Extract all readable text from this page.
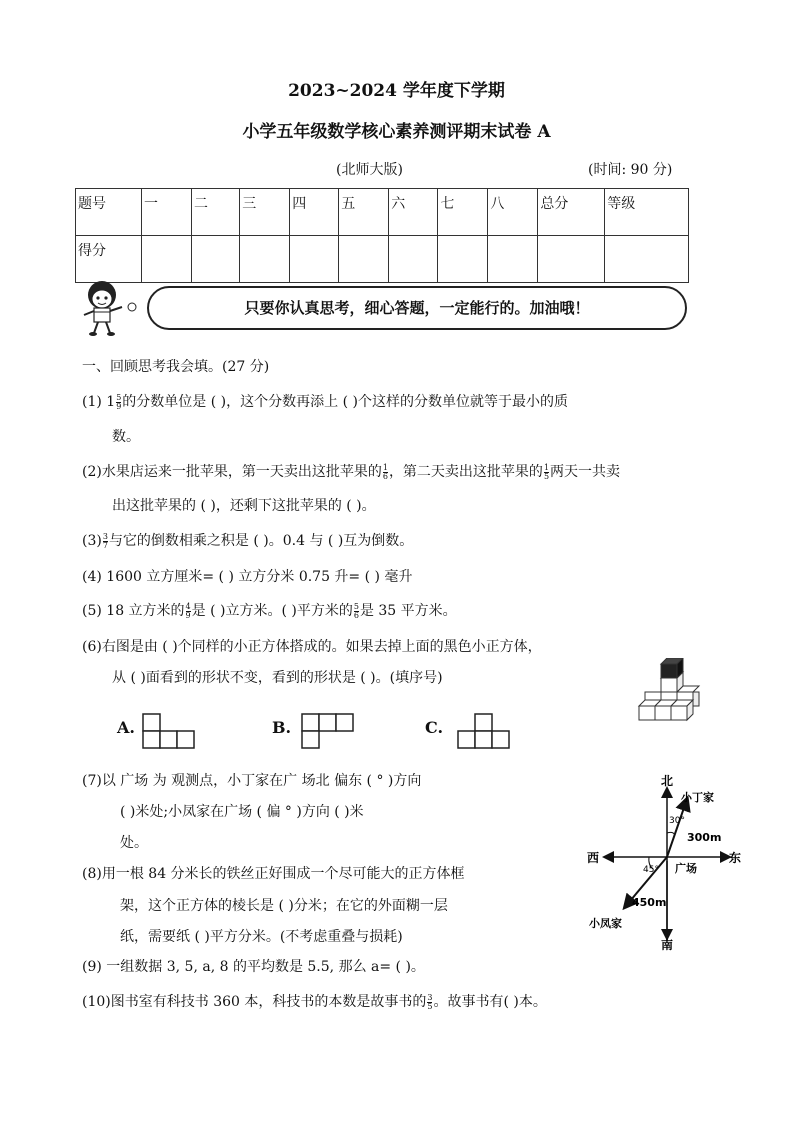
2023~2024 学年度下学期
小学五年级数学核心素养测评期末试卷 A
(北师大版)	(时间: 90 分)
题号	一	二	三	四	五	六	七	八	总分	等级
得分										
只要你认真思考，细心答题，一定能行的。加油哦！
一、回顾思考我会填。(27 分)
(1) $1 \frac{5}{9}$ 的分数单位是 ( )，这个分数再添上 ( )个这样的分数单位就等于最小的质
数。
(2)水果店运来一批苹果，第一天卖出这批苹果的 $\frac{1}{6}$ ，第二天卖出这批苹果的 $\frac{1}{5}$ 两天一共卖
出这批苹果的 ( )，还剩下这批苹果的 ( )。
$(3) \frac{3}{7}$ 与它的倒数相乘之积是 ( )。0.4 与 ( )互为倒数。
(4) 1600 立方厘米= ( ) 立方分米 0.75 升= ( ) 毫升
(5) 18 立方米的 $\frac{4}{9}$ 是 ( )立方米。( )平方米的 $\frac{5}{6}$ 是 35 平方米。
(6)右图是由 ( )个同样的小正方体搭成的。如果去掉上面的黑色小正方体，
从 ( )面看到的形状不变，看到的形状是 ( )。(填序号)
A.	B.	C.
(7)以 广场 为 观测点，小丁家在广 场北 偏东 ( ° )方向
( )米处;小凤家在广场 ( 偏 ° )方向 ( )米
处。
北
南
东
西
广场
小丁家
小凤家
30°
45°
300m
450m
(8)用一根 84 分米长的铁丝正好围成一个尽可能大的正方体框
架，这个正方体的棱长是 ( )分米；在它的外面糊一层
纸，需要纸 ( )平方分米。(不考虑重叠与损耗)
(9) 一组数据 3, 5, a, 8 的平均数是 5.5, 那么 a= ( )。
(10)图书室有科技书 360 本，科技书的本数是故事书的 $\frac{3}{5}$ 。故事书有( )本。
